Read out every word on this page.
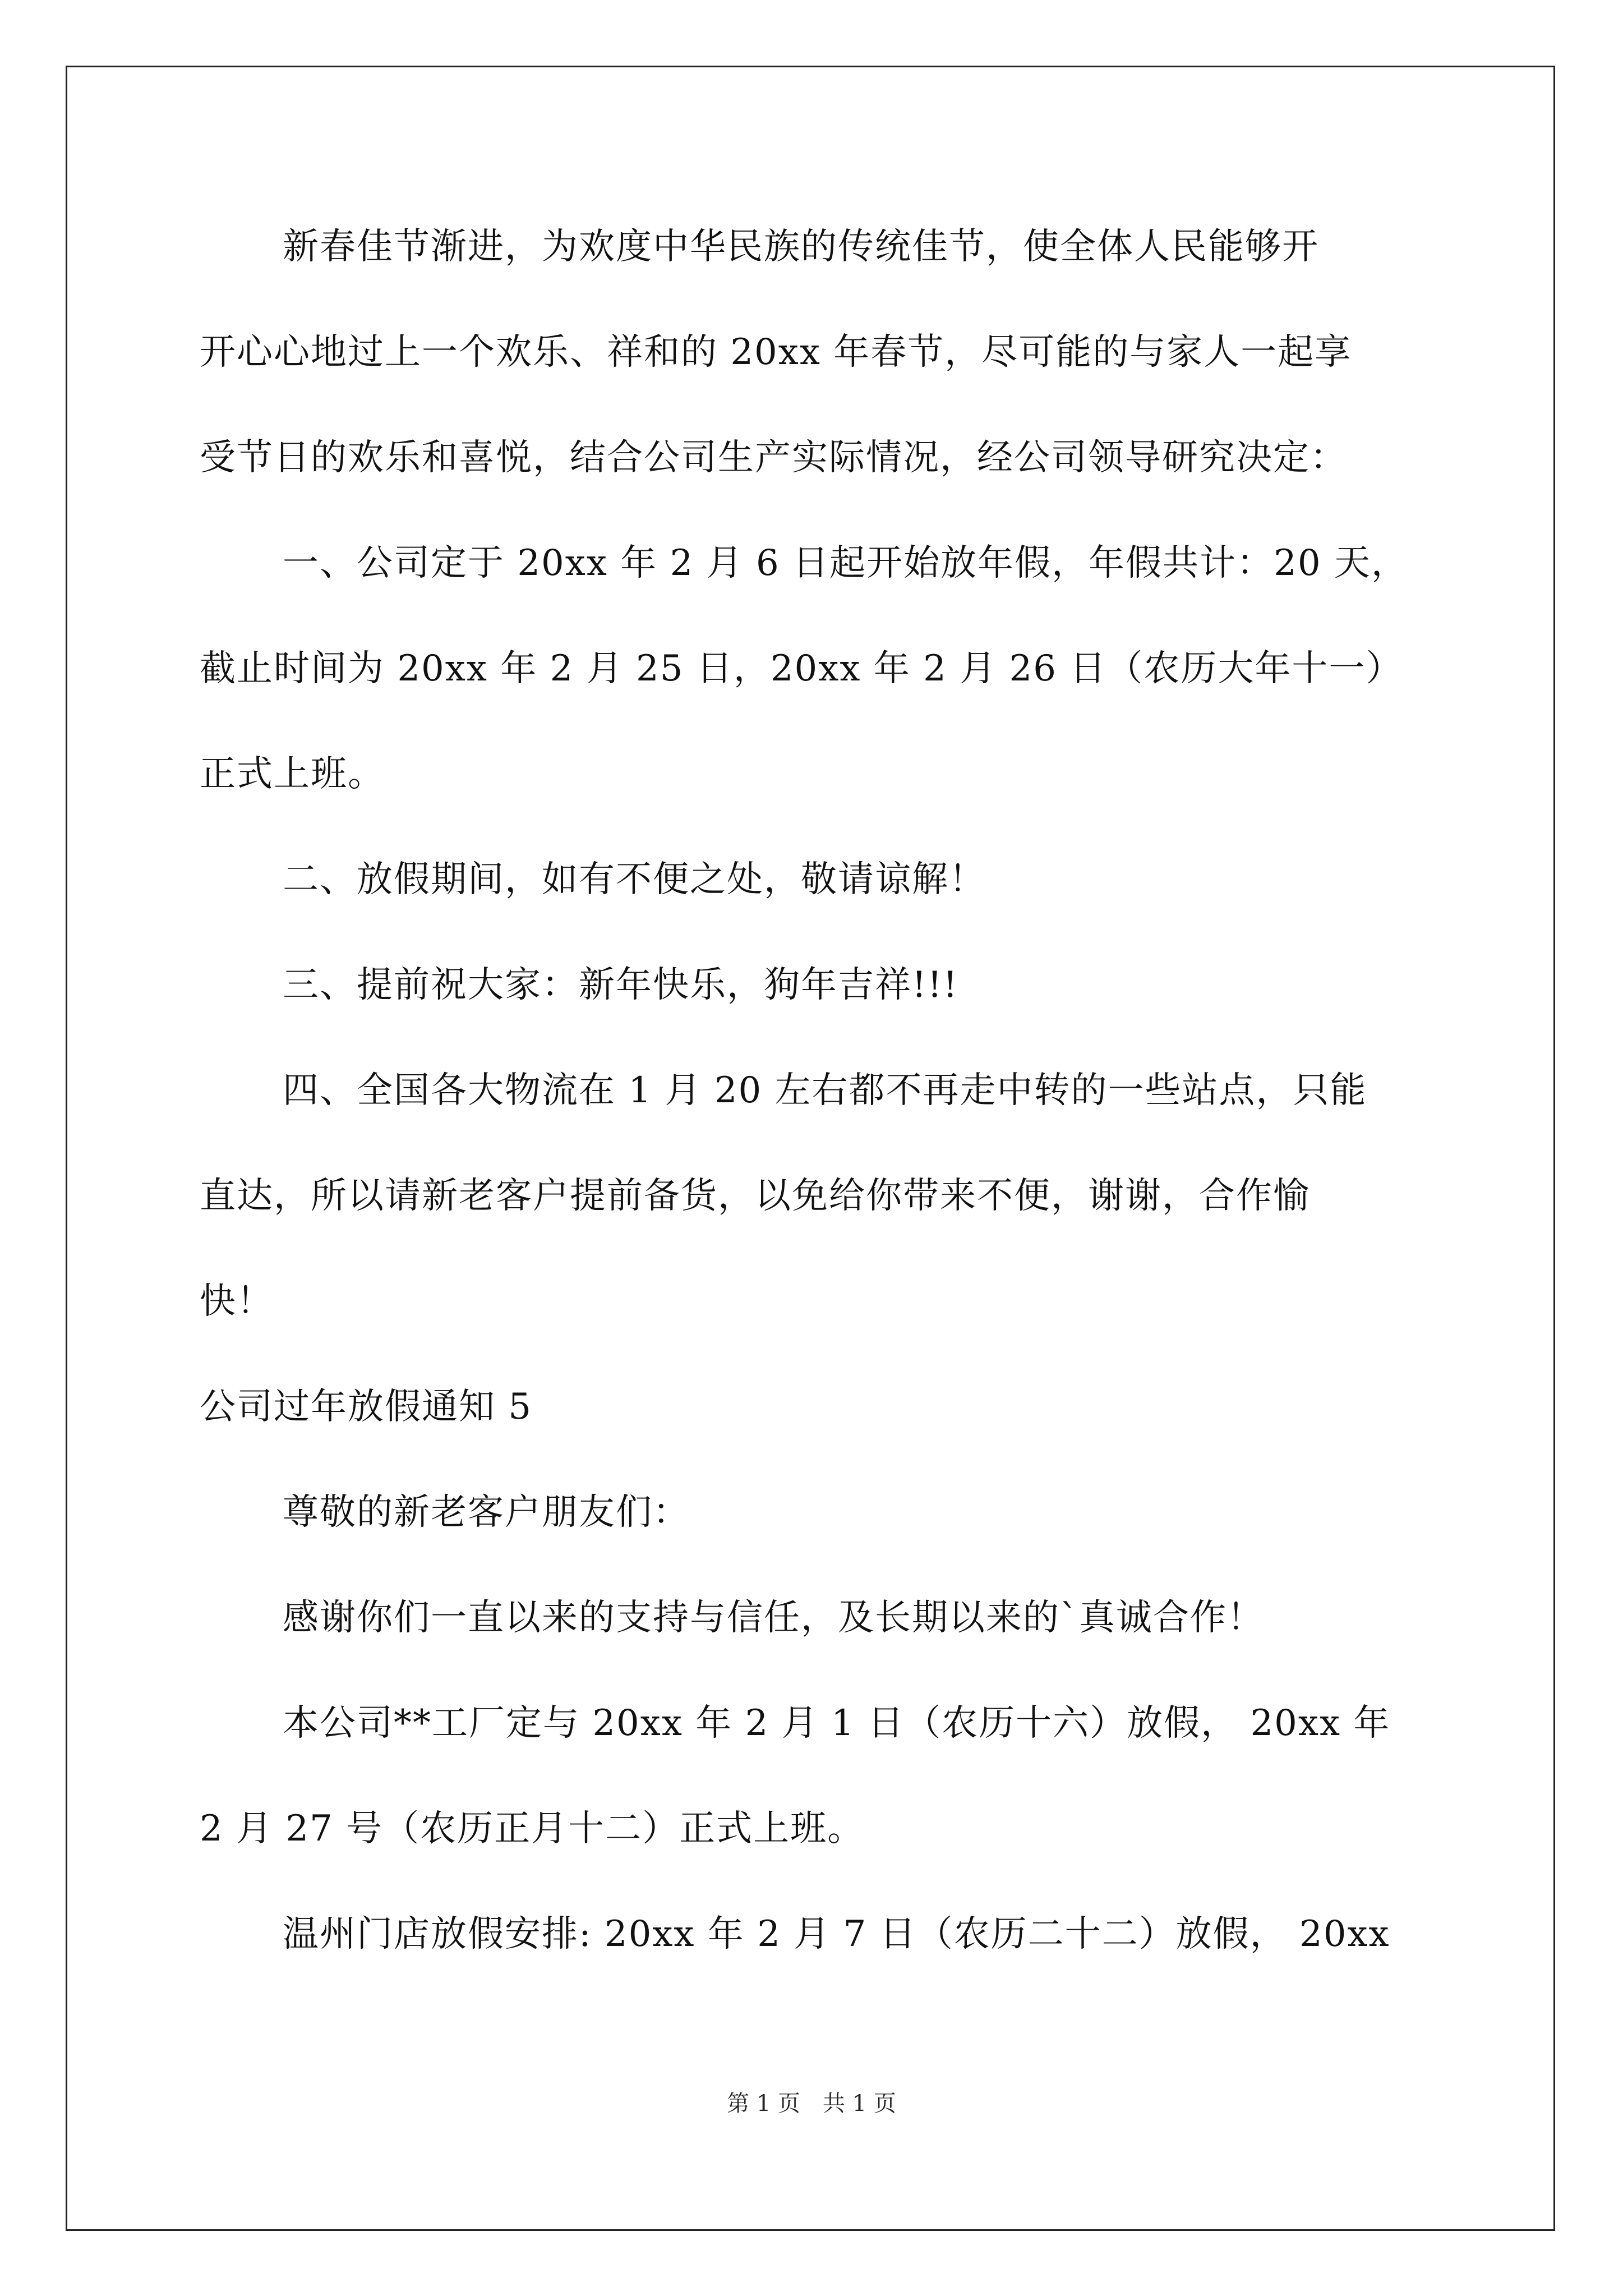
新春佳节渐进，为欢度中华民族的传统佳节，使全体人民能够开
开心心地过上一个欢乐、祥和的 20xx 年春节，尽可能的与家人一起享
受节日的欢乐和喜悦，结合公司生产实际情况，经公司领导研究决定：
一、公司定于 20xx 年 2 月 6 日起开始放年假，年假共计：20 天，
截止时间为 20xx 年 2 月 25 日，20xx 年 2 月 26 日（农历大年十一）
正式上班。
二、放假期间，如有不便之处，敬请谅解！
三、提前祝大家：新年快乐，狗年吉祥!!!
四、全国各大物流在 1 月 20 左右都不再走中转的一些站点，只能
直达，所以请新老客户提前备货，以免给你带来不便，谢谢，合作愉
快！
公司过年放假通知 5
尊敬的新老客户朋友们：
感谢你们一直以来的支持与信任，及长期以来的`真诚合作！
本公司**工厂定与 20xx 年 2 月 1 日（农历十六）放假， 20xx 年
2 月 27 号（农历正月十二）正式上班。
温州门店放假安排: 20xx 年 2 月 7 日（农历二十二）放假， 20xx
第 1 页　共 1 页
